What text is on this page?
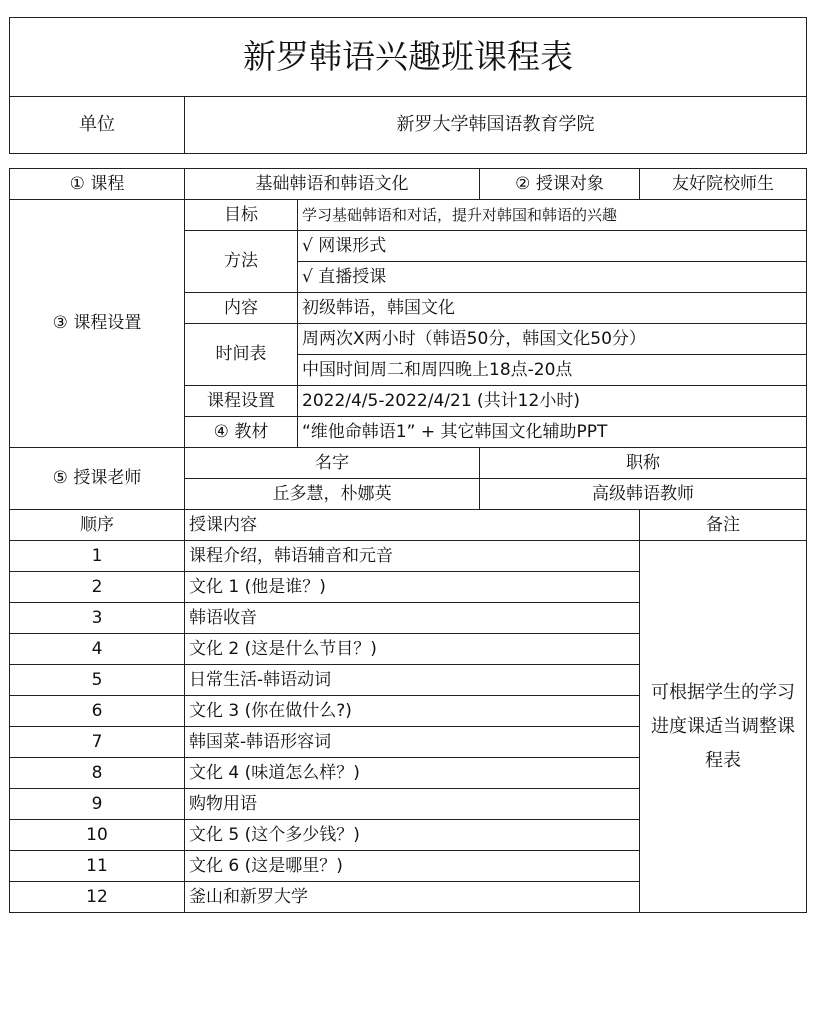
新罗韩语兴趣班课程表
单位	新罗大学韩国语教育学院
① 课程	基础韩语和韩语文化		② 授课对象	友好院校师生
③ 课程设置	目标	学习基础韩语和对话，提升对韩国和韩语的兴趣		
	方法	√ 网课形式		
		√ 直播授课		
	内容	初级韩语，韩国文化		
	时间表	周两次X两小时（韩语50分，韩国文化50分）		
		中国时间周二和周四晚上18点-20点		
	课程设置	2022/4/5-2022/4/21 (共计12小时)		
	④ 教材	“维他命韩语1” + 其它韩国文化辅助PPT		
⑤ 授课老师	名字		职称	
	丘多慧，朴娜英		高级韩语教师	
顺序	授课内容			备注
1	课程介绍，韩语辅音和元音			可根据学生的学习进度课适当调整课程表
2	文化 1 (他是谁？)			
3	韩语收音			
4	文化 2 (这是什么节目？)			
5	日常生活-韩语动词			
6	文化 3 (你在做什么?)			
7	韩国菜-韩语形容词			
8	文化 4 (味道怎么样？)			
9	购物用语			
10	文化 5 (这个多少钱？)			
11	文化 6 (这是哪里？)			
12	釜山和新罗大学			
